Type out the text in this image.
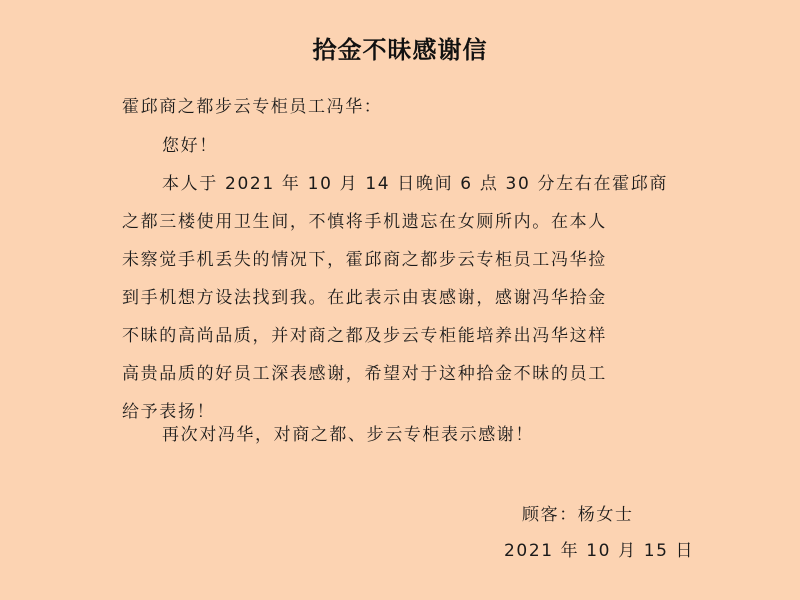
拾金不昧感谢信
霍邱商之都步云专柜员工冯华：
您好！
本人于 2021 年 10 月 14 日晚间 6 点 30 分左右在霍邱商
之都三楼使用卫生间，不慎将手机遗忘在女厕所内。在本人
未察觉手机丢失的情况下，霍邱商之都步云专柜员工冯华捡
到手机想方设法找到我。在此表示由衷感谢，感谢冯华拾金
不昧的高尚品质，并对商之都及步云专柜能培养出冯华这样
高贵品质的好员工深表感谢，希望对于这种拾金不昧的员工
给予表扬！
再次对冯华，对商之都、步云专柜表示感谢！
顾客：杨女士
2021 年 10 月 15 日
